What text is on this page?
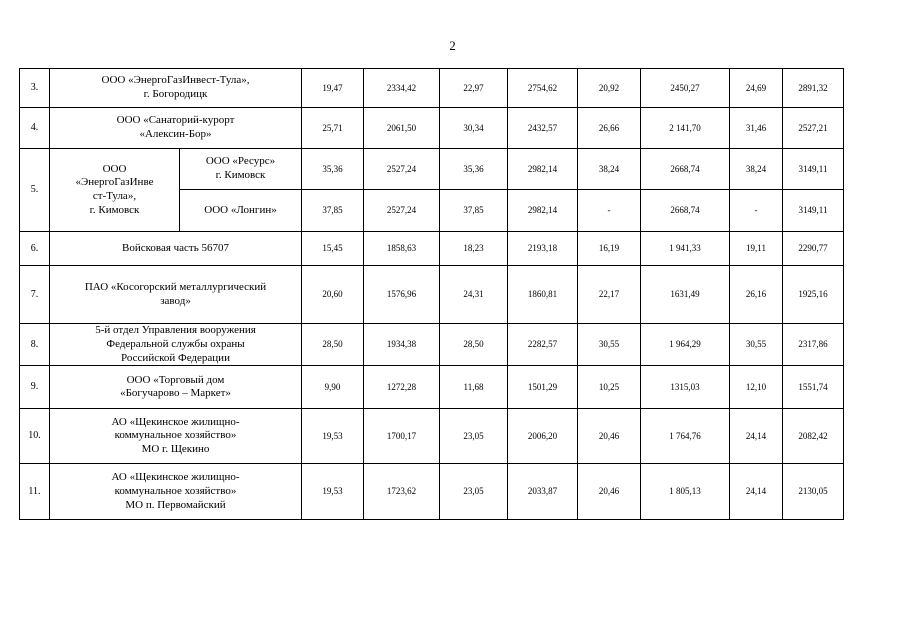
2
3.	ООО «ЭнергоГазИнвест-Тула»,
г. Богородицк		19,47	2334,42	22,97	2754,62	20,92	2450,27	24,69	2891,32
4.	ООО «Санаторий-курорт
«Алексин-Бор»		25,71	2061,50	30,34	2432,57	26,66	2 141,70	31,46	2527,21
5.	ООО
«ЭнергоГазИнве
ст-Тула»,
г. Кимовск	ООО «Ресурс»
г. Кимовск	35,36	2527,24	35,36	2982,14	38,24	2668,74	38,24	3149,11
		ООО «Лонгин»	37,85	2527,24	37,85	2982,14	-	2668,74	-	3149,11
6.	Войсковая часть 56707		15,45	1858,63	18,23	2193,18	16,19	1 941,33	19,11	2290,77
7.	ПАО «Косогорский металлургический
завод»		20,60	1576,96	24,31	1860,81	22,17	1631,49	26,16	1925,16
8.	5-й отдел Управления вооружения
Федеральной службы охраны
Российской Федерации		28,50	1934,38	28,50	2282,57	30,55	1 964,29	30,55	2317,86
9.	ООО «Торговый дом
«Богучарово – Маркет»		9,90	1272,28	11,68	1501,29	10,25	1315,03	12,10	1551,74
10.	АО «Щекинское жилищно-
коммунальное хозяйство»
МО г. Щекино		19,53	1700,17	23,05	2006,20	20,46	1 764,76	24,14	2082,42
11.	АО «Щекинское жилищно-
коммунальное хозяйство»
МО п. Первомайский		19,53	1723,62	23,05	2033,87	20,46	1 805,13	24,14	2130,05
